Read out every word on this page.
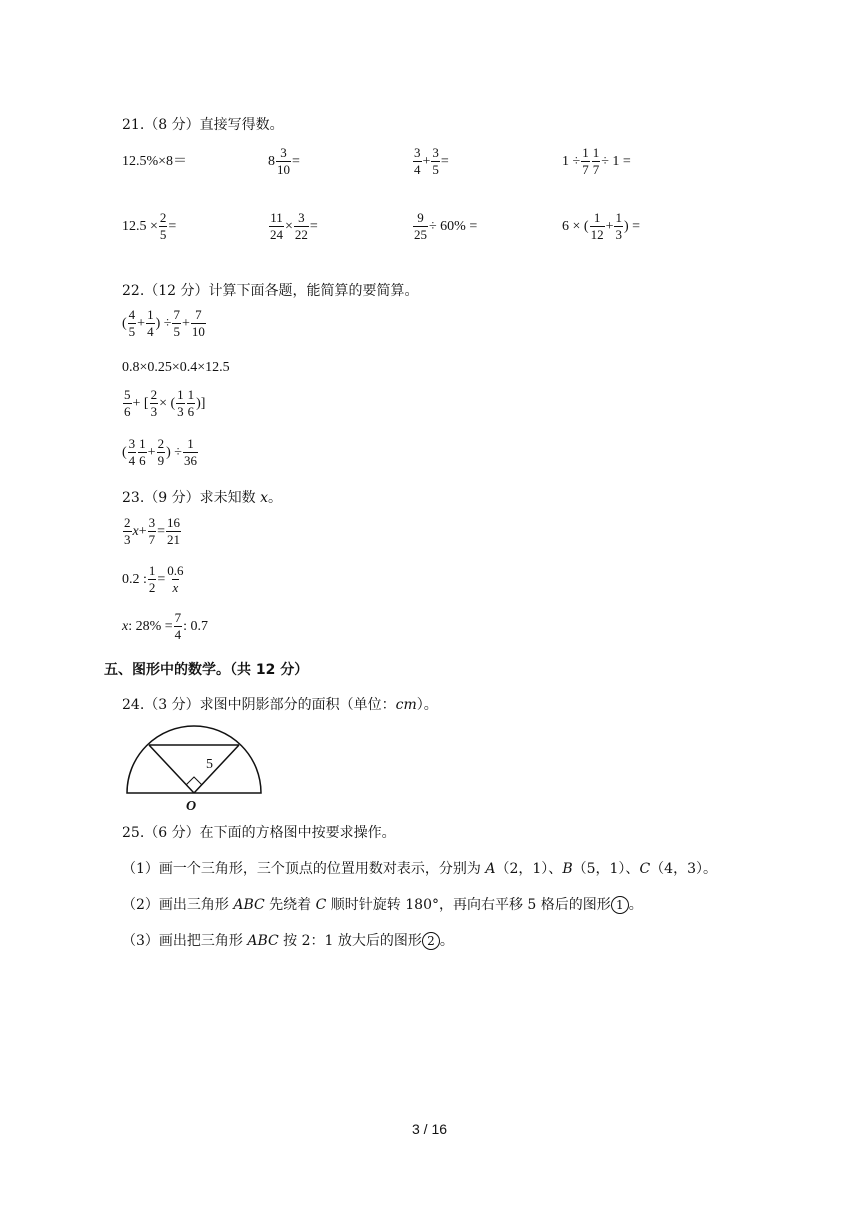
21.（8 分）直接写得数。
12.5%×8＝	$8 \frac{3}{10}$ =	$\frac{3}{4} + \frac{3}{5}$ =	$1 \div \frac{1}{7} \frac{1}{7} \div 1$ =
$12.5 \times \frac{2}{5}$ =	$\frac{11}{24} \times \frac{3}{22}$ =	$\frac{9}{25} \div 60\%$ =	6 × ( $\frac{1}{12} + \frac{1}{3}$ ) =
22.（12 分）计算下面各题，能简算的要简算。
( $\frac{4}{5} + \frac{1}{4}$ ) ÷ $\frac{7}{5} + \frac{7}{10}$
0.8×0.25×0.4×12.5
$\frac{5}{6}$ + [ $\frac{2}{3}$ × ( $\frac{1}{3} \frac{1}{6}$ )]
( $\frac{3}{4} \frac{1}{6} + \frac{2}{9}$ ) ÷ $\frac{1}{36}$
23.（9 分）求未知数 x。
$\frac{2}{3}$ $x + \frac{3}{7} = \frac{16}{21}$
0.2 : $\frac{1}{2} = \frac{0.6}{x}$
x : $28\% = \frac{7}{4}$ : 0.7
五、图形中的数学。（共 12 分）
24.（3 分）求图中阴影部分的面积（单位：cm）。
5
O
25.（6 分）在下面的方格图中按要求操作。
（1）画一个三角形，三个顶点的位置用数对表示，分别为 A（2，1）、B（5，1）、C（4，3）。
（2）画出三角形 ABC 先绕着 C 顺时针旋转 180°，再向右平移 5 格后的图形 1 。
（3）画出把三角形 ABC 按 2：1 放大后的图形 2 。
3 / 16
